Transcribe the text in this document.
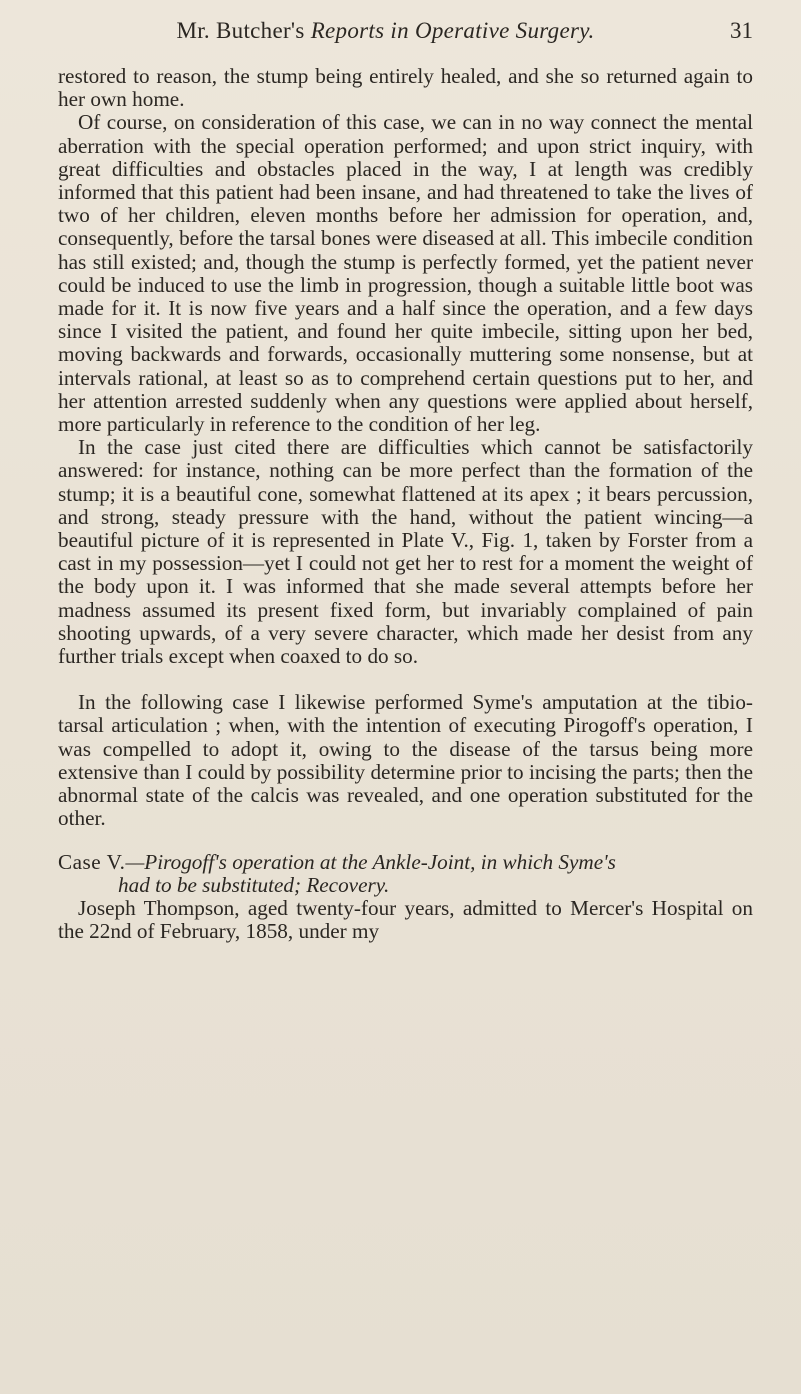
Mr. Butcher's Reports in Operative Surgery.	31

restored to reason, the stump being entirely healed, and she so returned again to her own home.

Of course, on consideration of this case, we can in no way connect the mental aberration with the special operation performed; and upon strict inquiry, with great difficulties and obstacles placed in the way, I at length was credibly informed that this patient had been insane, and had threatened to take the lives of two of her children, eleven months before her admission for operation, and, consequently, before the tarsal bones were diseased at all. This imbecile condition has still existed; and, though the stump is perfectly formed, yet the patient never could be induced to use the limb in progression, though a suitable little boot was made for it. It is now five years and a half since the operation, and a few days since I visited the patient, and found her quite imbecile, sitting upon her bed, moving backwards and forwards, occasionally muttering some nonsense, but at intervals rational, at least so as to comprehend certain questions put to her, and her attention arrested suddenly when any questions were applied about herself, more particularly in reference to the condition of her leg.

In the case just cited there are difficulties which cannot be satisfactorily answered: for instance, nothing can be more perfect than the formation of the stump; it is a beautiful cone, somewhat flattened at its apex ; it bears percussion, and strong, steady pressure with the hand, without the patient wincing—a beautiful picture of it is represented in Plate V., Fig. 1, taken by Forster from a cast in my possession—yet I could not get her to rest for a moment the weight of the body upon it. I was informed that she made several attempts before her madness assumed its present fixed form, but invariably complained of pain shooting upwards, of a very severe character, which made her desist from any further trials except when coaxed to do so.

In the following case I likewise performed Syme's amputation at the tibio-tarsal articulation ; when, with the intention of executing Pirogoff's operation, I was compelled to adopt it, owing to the disease of the tarsus being more extensive than I could by possibility determine prior to incising the parts; then the abnormal state of the calcis was revealed, and one operation substituted for the other.

Case V.—Pirogoff's operation at the Ankle-Joint, in which Syme's
had to be substituted; Recovery.

Joseph Thompson, aged twenty-four years, admitted to Mercer's Hospital on the 22nd of February, 1858, under my
